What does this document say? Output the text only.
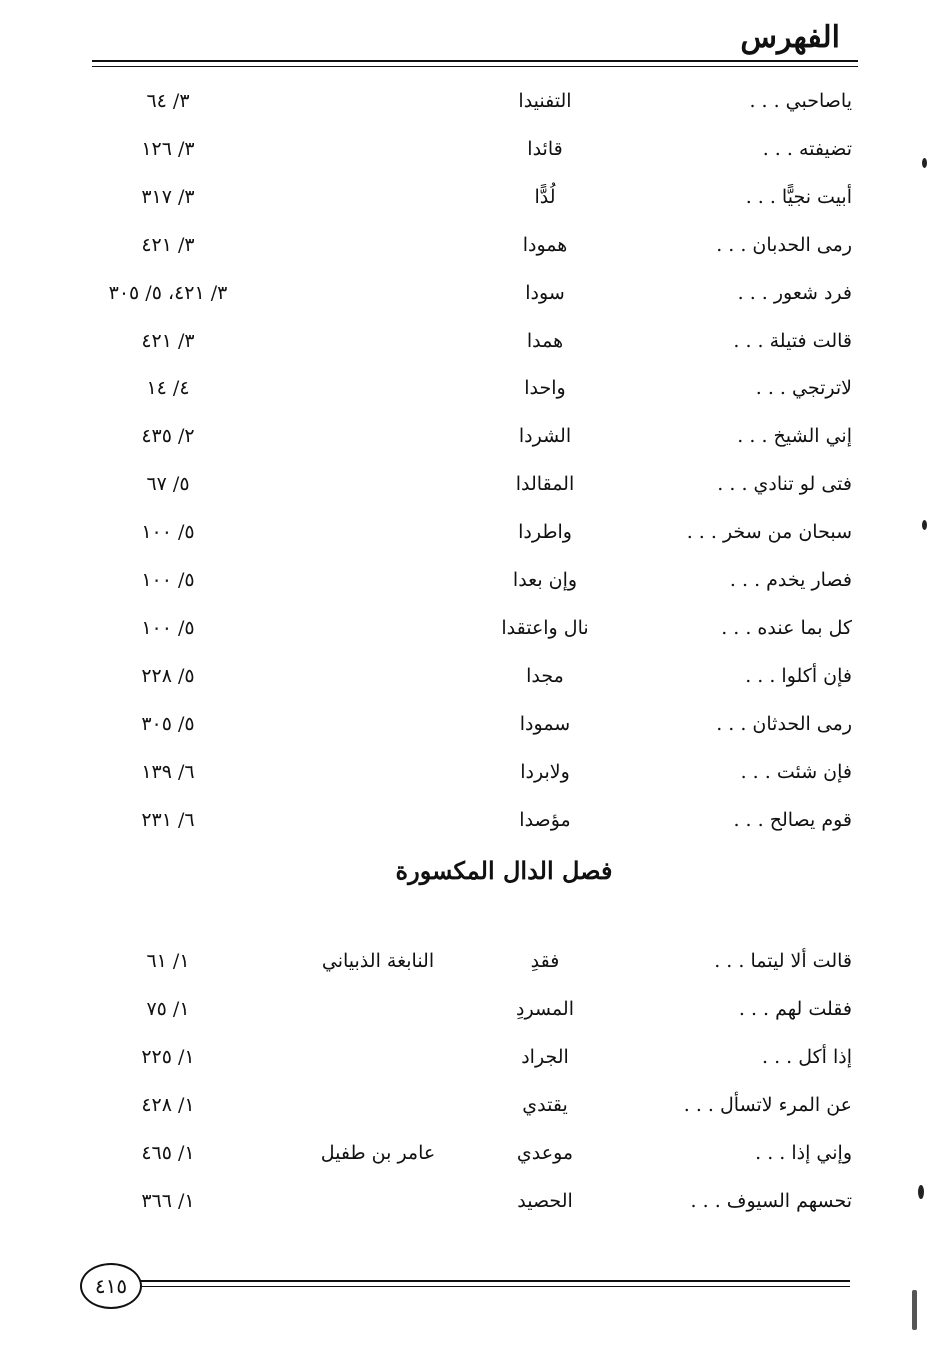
الفهرس
ياصاحبي . . .
التفنيدا
٣/ ٦٤
تضيفته . . .
قائدا
٣/ ١٢٦
أبيت نجيًّا . . .
لُدًّا
٣/ ٣١٧
رمى الحدبان . . .
همودا
٣/ ٤٢١
فرد شعور . . .
سودا
٣/ ٤٢١، ٥/ ٣٠٥
قالت فتيلة . . .
همدا
٣/ ٤٢١
لاترتجي . . .
واحدا
٤/ ١٤
إني الشيخ . . .
الشردا
٢/ ٤٣٥
فتى لو تنادي . . .
المقالدا
٥/ ٦٧
سبحان من سخر . . .
واطردا
٥/ ١٠٠
فصار يخدم . . .
وإن بعدا
٥/ ١٠٠
كل بما عنده . . .
نال واعتقدا
٥/ ١٠٠
فإن أكلوا . . .
مجدا
٥/ ٢٢٨
رمى الحدثان . . .
سمودا
٥/ ٣٠٥
فإن شئت . . .
ولابردا
٦/ ١٣٩
قوم يصالح . . .
مؤصدا
٦/ ٢٣١
فصل الدال المكسورة
قالت ألا ليتما . . .
فقدِ
النابغة الذبياني
١/ ٦١
فقلت لهم . . .
المسردِ
١/ ٧٥
إذا أكل . . .
الجراد
١/ ٢٢٥
عن المرء لاتسأل . . .
يقتدي
١/ ٤٢٨
وإني إذا . . .
موعدي
عامر بن طفيل
١/ ٤٦٥
تحسهم السيوف . . .
الحصيد
١/ ٣٦٦
٤١٥
